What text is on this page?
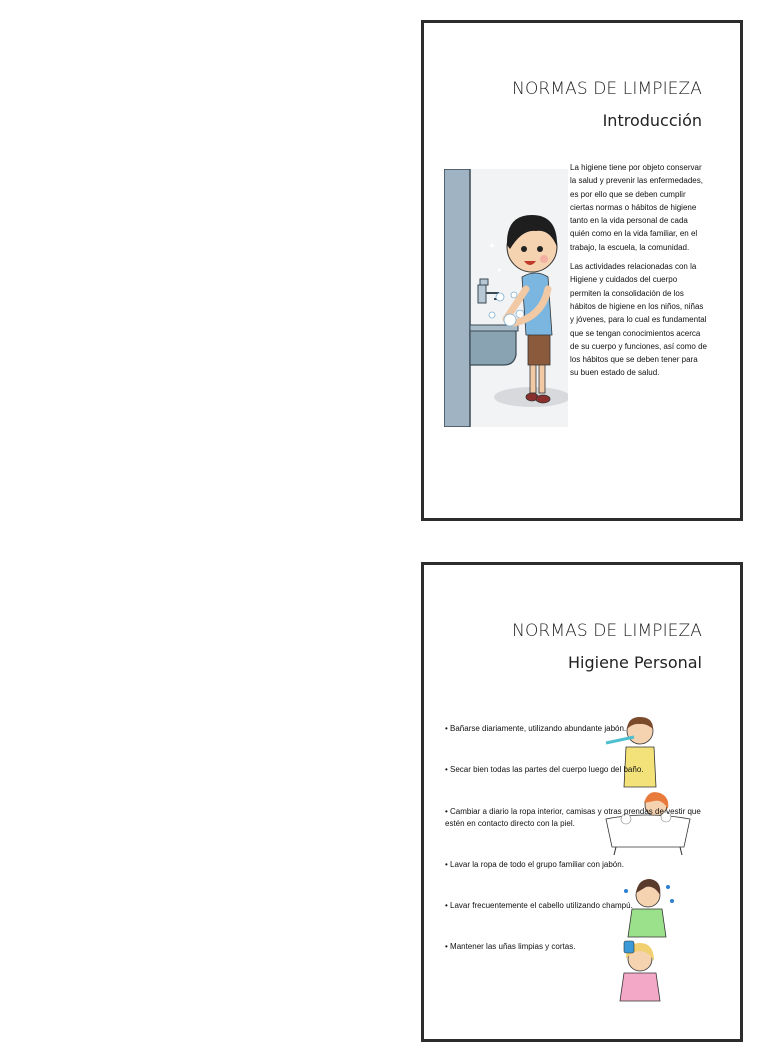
NORMAS DE LIMPIEZA
Introducción
✦
✦

La higiene tiene por objeto conservar la salud y prevenir las enfermedades, es por ello que se deben cumplir ciertas normas o hábitos de higiene tanto en la vida personal de cada quién como en la vida familiar, en el trabajo, la escuela, la comunidad.

Las actividades relacionadas con la Higiene y cuidados del cuerpo permiten la consolidación de los hábitos de higiene en los niños, niñas y jóvenes, para lo cual es fundamental que se tengan conocimientos acerca de su cuerpo y funciones, así como de los hábitos que se deben tener para su buen estado de salud.

NORMAS DE LIMPIEZA
Higiene Personal
• Bañarse diariamente, utilizando abundante jabón.
• Secar bien todas las partes del cuerpo luego del baño.
• Cambiar a diario la ropa interior, camisas y otras prendas de vestir que estén en contacto directo con la piel.
• Lavar la ropa de todo el grupo familiar con jabón.
• Lavar frecuentemente el cabello utilizando champú.
• Mantener las uñas limpias y cortas.
